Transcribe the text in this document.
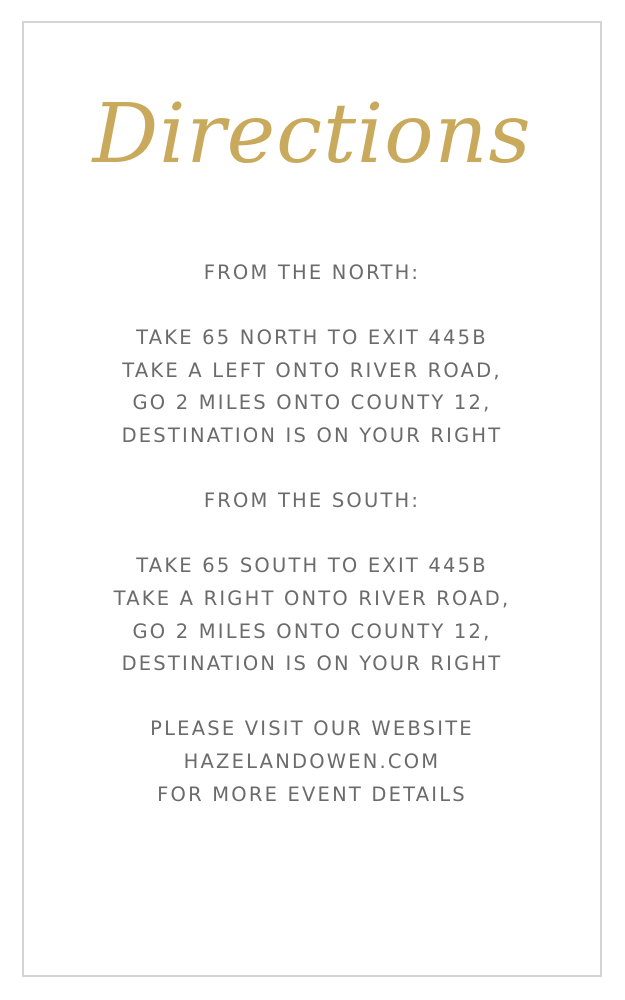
Directions
FROM THE NORTH:
TAKE 65 NORTH TO EXIT 445B
TAKE A LEFT ONTO RIVER ROAD,
GO 2 MILES ONTO COUNTY 12,
DESTINATION IS ON YOUR RIGHT
FROM THE SOUTH:
TAKE 65 SOUTH TO EXIT 445B
TAKE A RIGHT ONTO RIVER ROAD,
GO 2 MILES ONTO COUNTY 12,
DESTINATION IS ON YOUR RIGHT
PLEASE VISIT OUR WEBSITE
HAZELANDOWEN.COM
FOR MORE EVENT DETAILS
